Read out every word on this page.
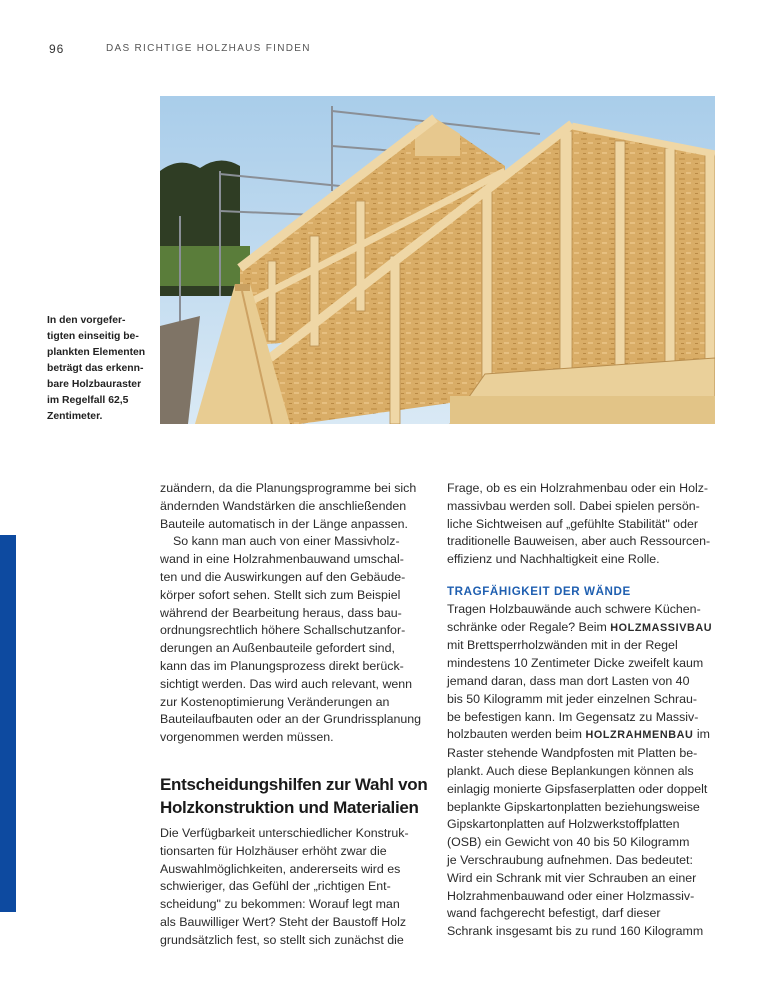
96	DAS RICHTIGE HOLZHAUS FINDEN
In den vorgefer-
tigten einseitig be-
plankten Elementen
beträgt das erkenn-
bare Holzbauraster
im Regelfall 62,5
Zentimeter.

zuändern, da die Planungsprogramme bei sich
ändernden Wandstärken die anschließenden
Bauteile automatisch in der Länge anpassen.

So kann man auch von einer Massivholz-
wand in eine Holzrahmenbauwand umschal-
ten und die Auswirkungen auf den Gebäude-
körper sofort sehen. Stellt sich zum Beispiel
während der Bearbeitung heraus, dass bau-
ordnungsrechtlich höhere Schallschutzanfor-
derungen an Außenbauteile gefordert sind,
kann das im Planungsprozess direkt berück-
sichtigt werden. Das wird auch relevant, wenn
zur Kostenoptimierung Veränderungen an
Bauteilaufbauten oder an der Grundrissplanung
vorgenommen werden müssen.

Entscheidungshilfen zur Wahl von
Holzkonstruktion und Materialien

Die Verfügbarkeit unterschiedlicher Konstruk-
tionsarten für Holzhäuser erhöht zwar die
Auswahlmöglichkeiten, andererseits wird es
schwieriger, das Gefühl der „richtigen Ent-
scheidung" zu bekommen: Worauf legt man
als Bauwilliger Wert? Steht der Baustoff Holz
grundsätzlich fest, so stellt sich zunächst die

Frage, ob es ein Holzrahmenbau oder ein Holz-
massivbau werden soll. Dabei spielen persön-
liche Sichtweisen auf „gefühlte Stabilität" oder
traditionelle Bauweisen, aber auch Ressourcen-
effizienz und Nachhaltigkeit eine Rolle.

TRAGFÄHIGKEIT DER WÄNDE

Tragen Holzbauwände auch schwere Küchen-
schränke oder Regale? Beim HOLZMASSIVBAU
mit Brettsperrholzwänden mit in der Regel
mindestens 10 Zentimeter Dicke zweifelt kaum
jemand daran, dass man dort Lasten von 40
bis 50 Kilogramm mit jeder einzelnen Schrau-
be befestigen kann. Im Gegensatz zu Massiv-
holzbauten werden beim HOLZRAHMENBAU im
Raster stehende Wandpfosten mit Platten be-
plankt. Auch diese Beplankungen können als
einlagig monierte Gipsfaserplatten oder doppelt
beplankte Gipskartonplatten beziehungsweise
Gipskartonplatten auf Holzwerkstoffplatten
(OSB) ein Gewicht von 40 bis 50 Kilogramm
je Verschraubung aufnehmen. Das bedeutet:
Wird ein Schrank mit vier Schrauben an einer
Holzrahmenbauwand oder einer Holzmassiv-
wand fachgerecht befestigt, darf dieser
Schrank insgesamt bis zu rund 160 Kilogramm
